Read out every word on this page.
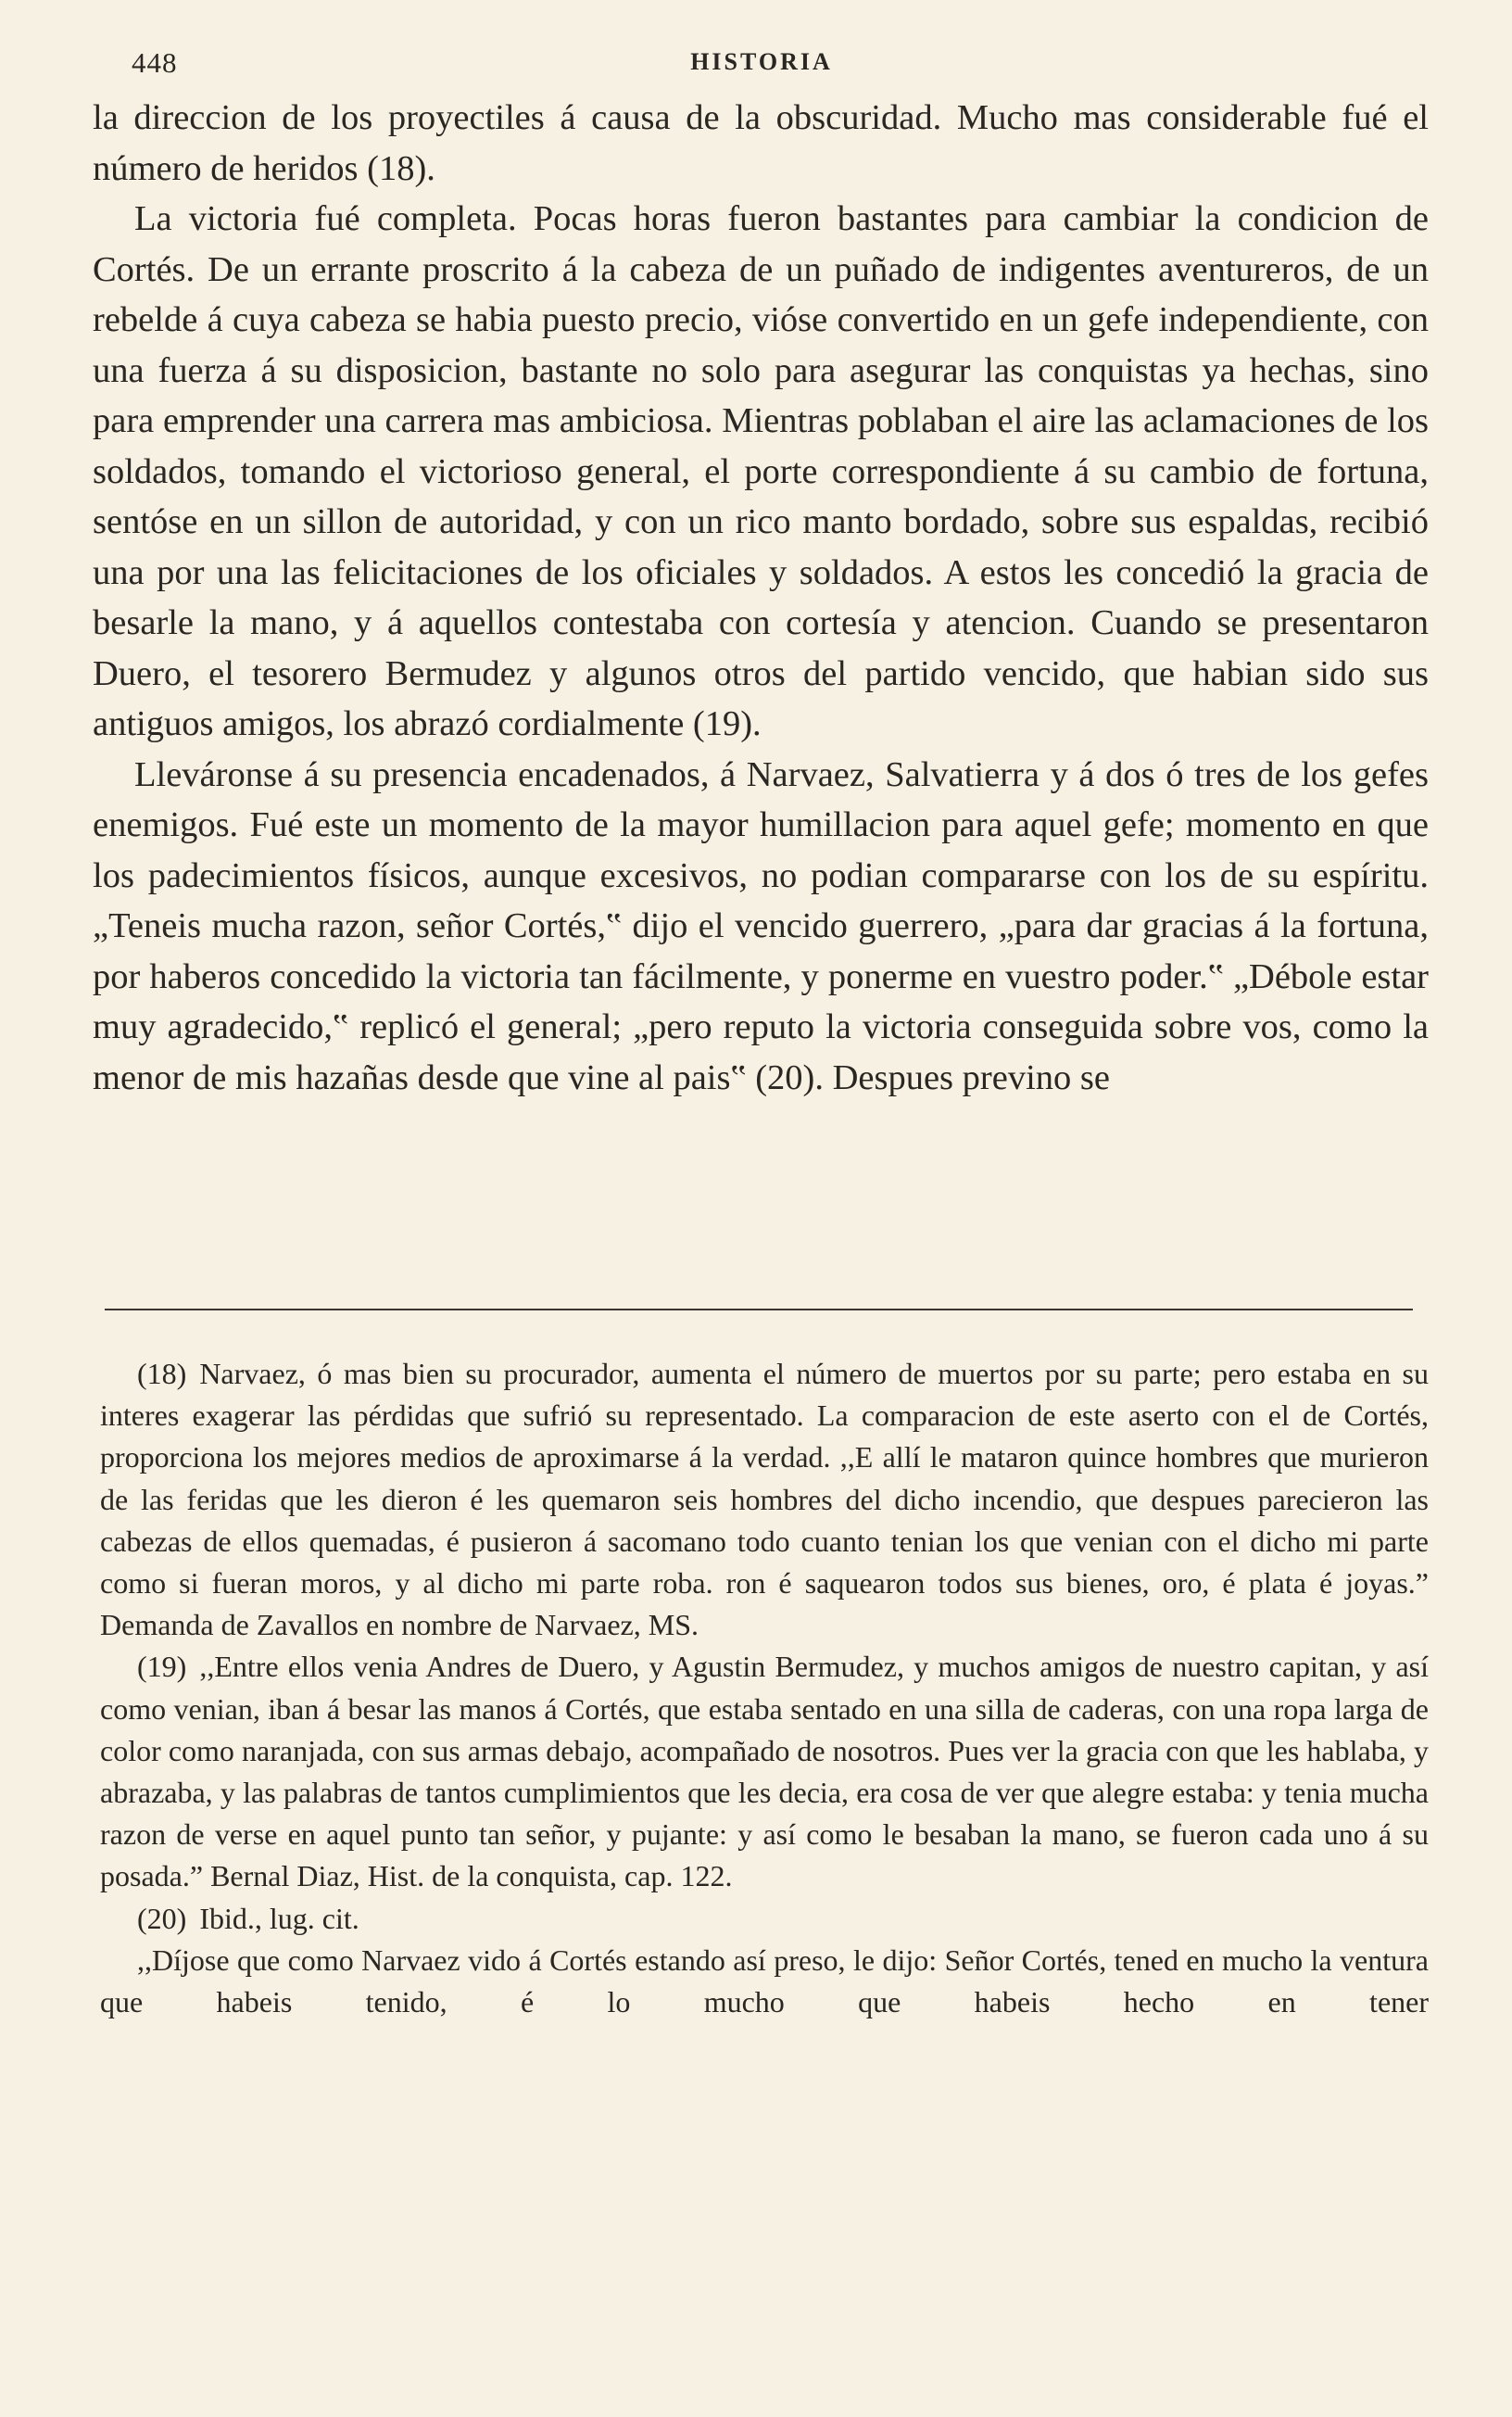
448	HISTORIA

la direccion de los proyectiles á causa de la obscuridad. Mucho mas considerable fué el número de heridos (18).

La victoria fué completa. Pocas horas fueron bastantes para cambiar la condicion de Cortés. De un errante proscrito á la cabeza de un puñado de indigentes aventureros, de un rebelde á cuya cabeza se habia puesto precio, vióse convertido en un gefe independiente, con una fuerza á su disposicion, bastante no solo para asegurar las conquistas ya hechas, sino para emprender una carrera mas ambiciosa. Mientras poblaban el aire las aclamaciones de los soldados, tomando el victorioso general, el porte correspondiente á su cambio de fortuna, sentóse en un sillon de autoridad, y con un rico manto bordado, sobre sus espaldas, recibió una por una las felicitaciones de los oficiales y soldados. A estos les concedió la gracia de besarle la mano, y á aquellos contestaba con cortesía y atencion. Cuando se presentaron Duero, el tesorero Bermudez y algunos otros del partido vencido, que habian sido sus antiguos amigos, los abrazó cordialmente (19).

Lleváronse á su presencia encadenados, á Narvaez, Salvatierra y á dos ó tres de los gefes enemigos. Fué este un momento de la mayor humillacion para aquel gefe; momento en que los padecimientos físicos, aunque excesivos, no podian compararse con los de su espíritu. „Teneis mucha razon, señor Cortés,‟ dijo el vencido guerrero, „para dar gracias á la fortuna, por haberos concedido la victoria tan fácilmente, y ponerme en vuestro poder.‟ „Débole estar muy agradecido,‟ replicó el general; „pero reputo la victoria conseguida sobre vos, como la menor de mis hazañas desde que vine al pais‟ (20). Despues previno se

(18) Narvaez, ó mas bien su procurador, aumenta el número de muertos por su parte; pero estaba en su interes exagerar las pérdidas que sufrió su representado. La comparacion de este aserto con el de Cortés, proporciona los mejores medios de aproximarse á la verdad. ,,E allí le mataron quince hombres que murieron de las feridas que les dieron é les quemaron seis hombres del dicho incendio, que despues parecieron las cabezas de ellos quemadas, é pusieron á sacomano todo cuanto tenian los que venian con el dicho mi parte como si fueran moros, y al dicho mi parte roba. ron é saquearon todos sus bienes, oro, é plata é joyas.” Demanda de Zavallos en nombre de Narvaez, MS.

(19) ,,Entre ellos venia Andres de Duero, y Agustin Bermudez, y muchos amigos de nuestro capitan, y así como venian, iban á besar las manos á Cortés, que estaba sentado en una silla de caderas, con una ropa larga de color como naranjada, con sus armas debajo, acompañado de nosotros. Pues ver la gracia con que les hablaba, y abrazaba, y las palabras de tantos cumplimientos que les decia, era cosa de ver que alegre estaba: y tenia mucha razon de verse en aquel punto tan señor, y pujante: y así como le besaban la mano, se fueron cada uno á su posada.” Bernal Diaz, Hist. de la conquista, cap. 122.

(20) Ibid., lug. cit.

,,Díjose que como Narvaez vido á Cortés estando así preso, le dijo: Señor Cortés, tened en mucho la ventura que habeis tenido, é lo mucho que habeis hecho en tener
